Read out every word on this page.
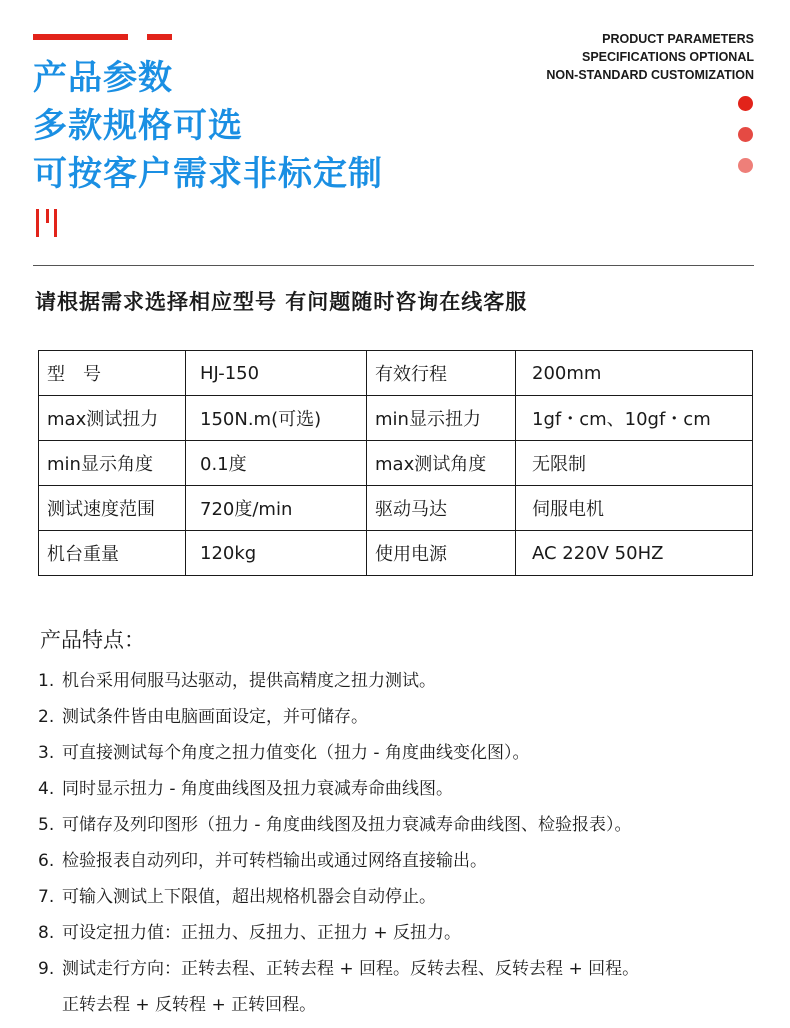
产品参数
多款规格可选
可按客户需求非标定制
PRODUCT PARAMETERS
SPECIFICATIONS OPTIONAL
NON-STANDARD CUSTOMIZATION
请根据需求选择相应型号 有问题随时咨询在线客服
型　号	HJ-150	有效行程	200mm
max测试扭力	150N.m(可选)	min显示扭力	1gf・cm、10gf・cm
min显示角度	0.1度	max测试角度	无限制
测试速度范围	720度/min	驱动马达	伺服电机
机台重量	120kg	使用电源	AC 220V 50HZ
产品特点：
1. 机台采用伺服马达驱动，提供高精度之扭力测试。
2. 测试条件皆由电脑画面设定，并可储存。
3. 可直接测试每个角度之扭力值变化（扭力 - 角度曲线变化图）。
4. 同时显示扭力 - 角度曲线图及扭力衰减寿命曲线图。
5. 可储存及列印图形（扭力 - 角度曲线图及扭力衰减寿命曲线图、检验报表）。
6. 检验报表自动列印，并可转档输出或通过网络直接输出。
7. 可输入测试上下限值，超出规格机器会自动停止。
8. 可设定扭力值：正扭力、反扭力、正扭力 + 反扭力。
9. 测试走行方向：正转去程、正转去程 + 回程。反转去程、反转去程 + 回程。
正转去程 + 反转程 + 正转回程。
